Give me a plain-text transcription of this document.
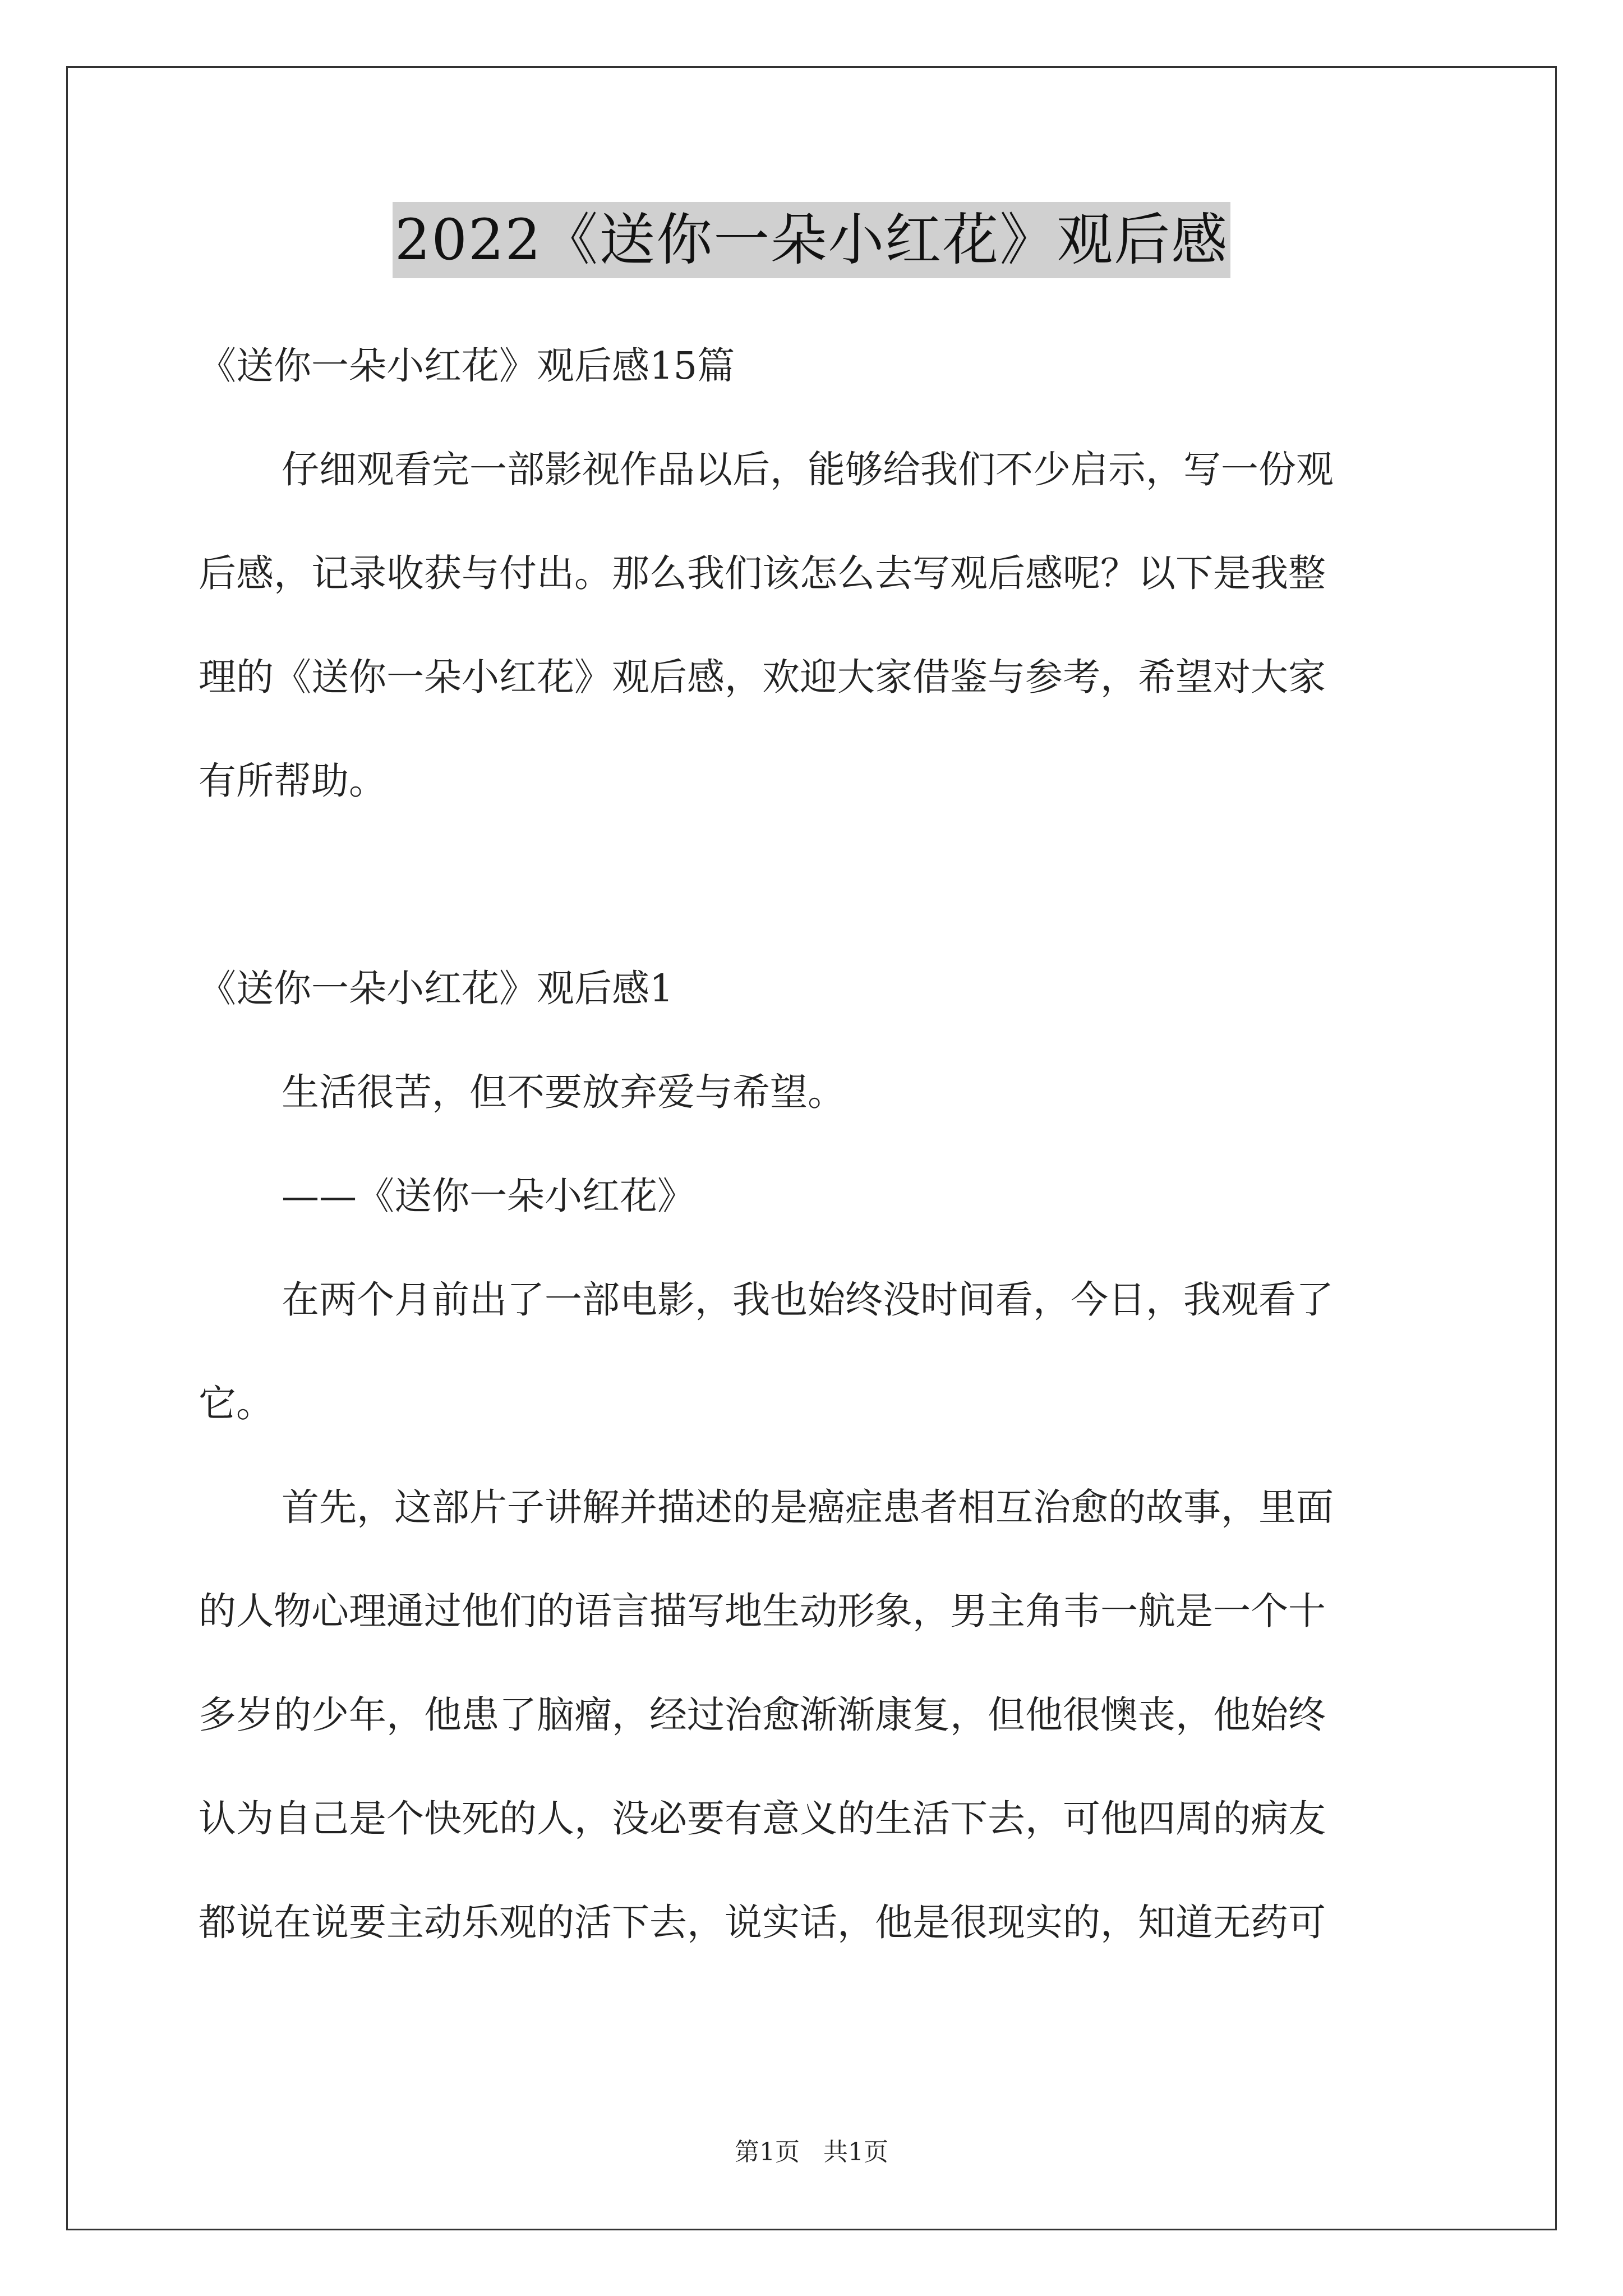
2022《送你一朵小红花》观后感

《送你一朵小红花》观后感15篇

仔细观看完一部影视作品以后，能够给我们不少启示，写一份观

后感，记录收获与付出。那么我们该怎么去写观后感呢？以下是我整

理的《送你一朵小红花》观后感，欢迎大家借鉴与参考，希望对大家

有所帮助。

《送你一朵小红花》观后感1

生活很苦，但不要放弃爱与希望。

——《送你一朵小红花》

在两个月前出了一部电影，我也始终没时间看，今日，我观看了

它。

首先，这部片子讲解并描述的是癌症患者相互治愈的故事，里面

的人物心理通过他们的语言描写地生动形象，男主角韦一航是一个十

多岁的少年，他患了脑瘤，经过治愈渐渐康复，但他很懊丧，他始终

认为自己是个快死的人，没必要有意义的生活下去，可他四周的病友

都说在说要主动乐观的活下去，说实话，他是很现实的，知道无药可

第1页 共1页
